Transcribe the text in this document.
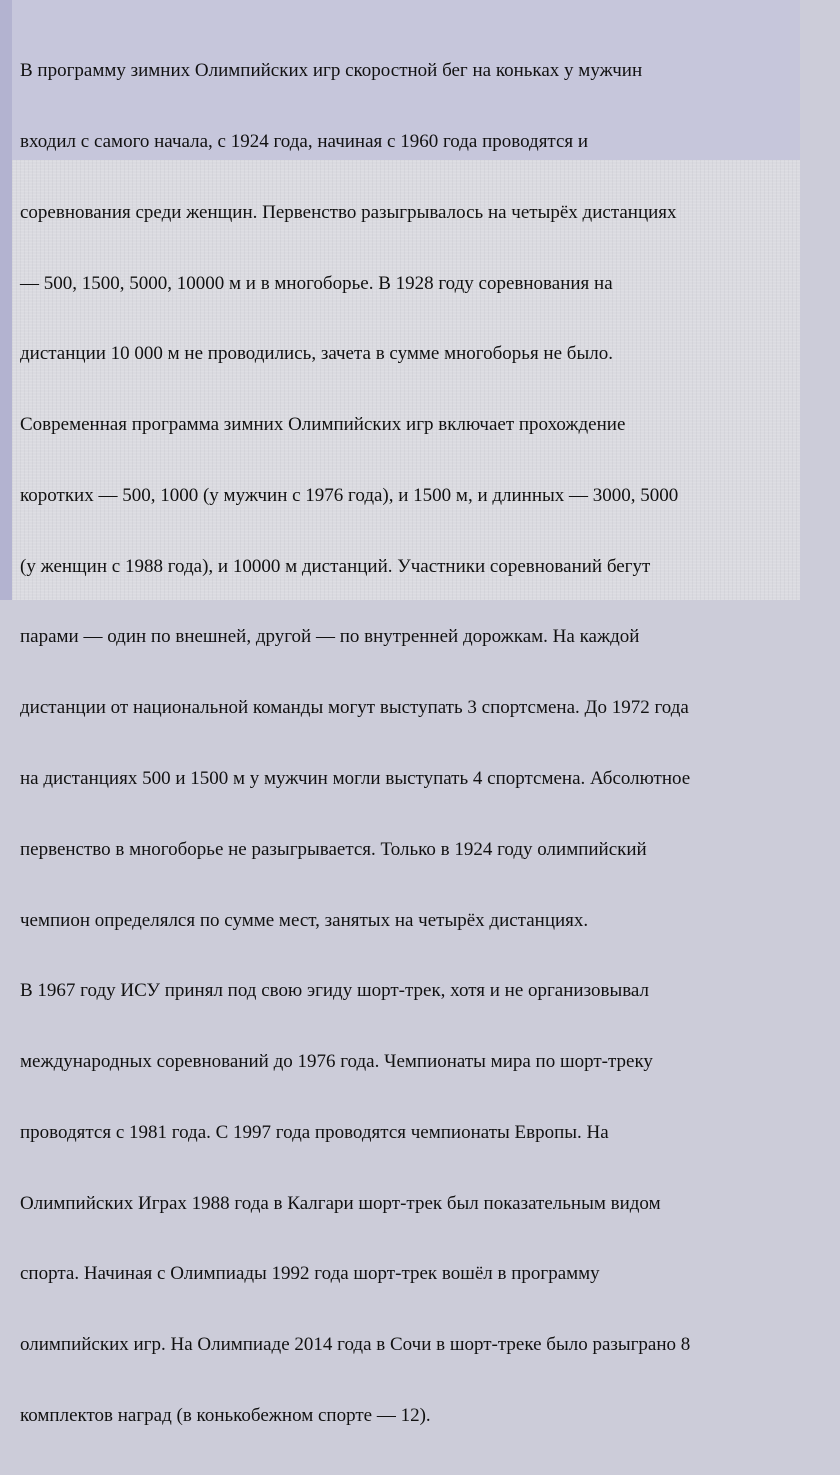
В программу зимних Олимпийских игр скоростной бег на коньках у мужчин

входил с самого начала, с 1924 года, начиная с 1960 года проводятся и

соревнования среди женщин. Первенство разыгрывалось на четырёх дистанциях

— 500, 1500, 5000, 10000 м и в многоборье. В 1928 году соревнования на

дистанции 10 000 м не проводились, зачета в сумме многоборья не было.

Современная программа зимних Олимпийских игр включает прохождение

коротких — 500, 1000 (у мужчин с 1976 года), и 1500 м, и длинных — 3000, 5000

(у женщин с 1988 года), и 10000 м дистанций. Участники соревнований бегут

парами — один по внешней, другой — по внутренней дорожкам. На каждой

дистанции от национальной команды могут выступать 3 спортсмена. До 1972 года

на дистанциях 500 и 1500 м у мужчин могли выступать 4 спортсмена. Абсолютное

первенство в многоборье не разыгрывается. Только в 1924 году олимпийский

чемпион определялся по сумме мест, занятых на четырёх дистанциях.

В 1967 году ИСУ принял под свою эгиду шорт-трек, хотя и не организовывал

международных соревнований до 1976 года. Чемпионаты мира по шорт-треку

проводятся с 1981 года. С 1997 года проводятся чемпионаты Европы. На

Олимпийских Играх 1988 года в Калгари шорт-трек был показательным видом

спорта. Начиная с Олимпиады 1992 года шорт-трек вошёл в программу

олимпийских игр. На Олимпиаде 2014 года в Сочи в шорт-треке было разыграно 8

комплектов наград (в конькобежном спорте — 12).
